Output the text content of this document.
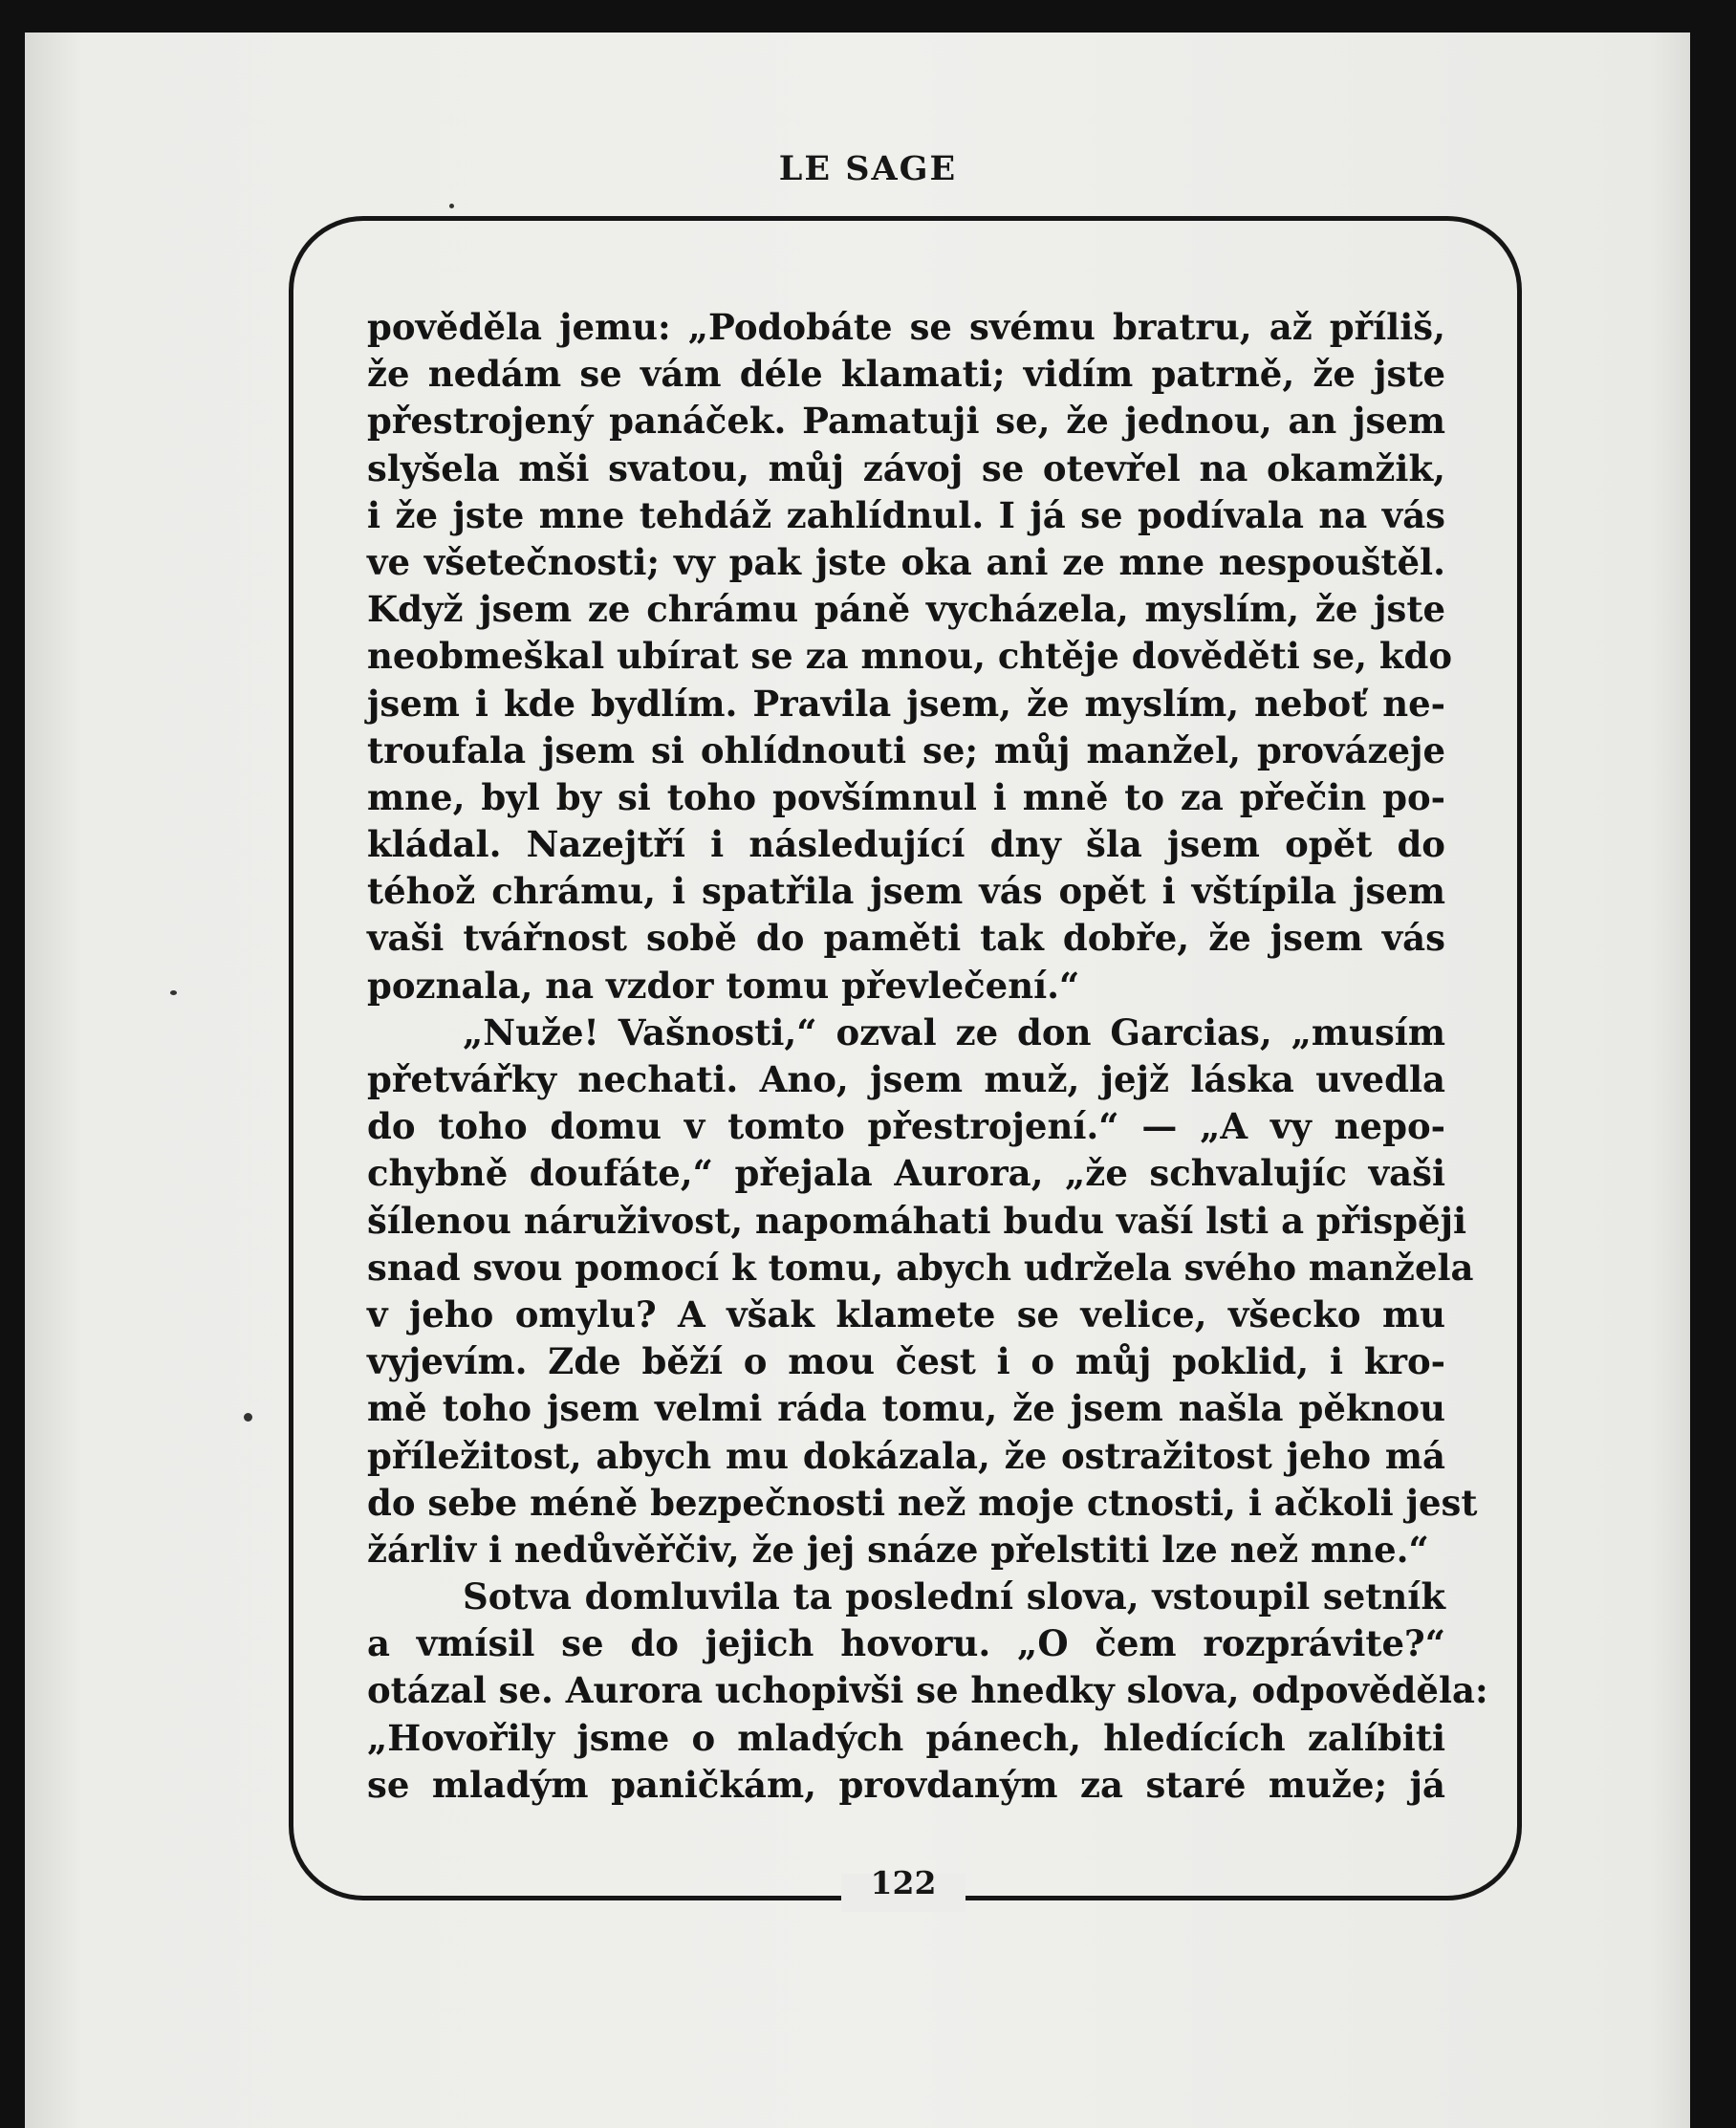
LE SAGE
122
pověděla jemu: „Podobáte se svému bratru, až příliš,
že nedám se vám déle klamati; vidím patrně, že jste
přestrojený panáček. Pamatuji se, že jednou, an jsem
slyšela mši svatou, můj závoj se otevřel na okamžik,
i že jste mne tehdáž zahlídnul. I já se podívala na vás
ve všetečnosti; vy pak jste oka ani ze mne nespouštěl.
Když jsem ze chrámu páně vycházela, myslím, že jste
neobmeškal ubírat se za mnou, chtěje dověděti se, kdo
jsem i kde bydlím. Pravila jsem, že myslím, neboť ne-
troufala jsem si ohlídnouti se; můj manžel, provázeje
mne, byl by si toho povšímnul i mně to za přečin po-
kládal. Nazejtří i následující dny šla jsem opět do
téhož chrámu, i spatřila jsem vás opět i vštípila jsem
vaši tvářnost sobě do paměti tak dobře, že jsem vás
poznala, na vzdor tomu převlečení.“
„Nuže! Vašnosti,“ ozval ze don Garcias, „musím
přetvářky nechati. Ano, jsem muž, jejž láska uvedla
do toho domu v tomto přestrojení.“ — „A vy nepo-
chybně doufáte,“ přejala Aurora, „že schvalujíc vaši
šílenou náruživost, napomáhati budu vaší lsti a přispěji
snad svou pomocí k tomu, abych udržela svého manžela
v jeho omylu? A však klamete se velice, všecko mu
vyjevím. Zde běží o mou čest i o můj poklid, i kro-
mě toho jsem velmi ráda tomu, že jsem našla pěknou
příležitost, abych mu dokázala, že ostražitost jeho má
do sebe méně bezpečnosti než moje ctnosti, i ačkoli jest
žárliv i nedůvěřčiv, že jej snáze přelstiti lze než mne.“
Sotva domluvila ta poslední slova, vstoupil setník
a vmísil se do jejich hovoru. „O čem rozprávite?“
otázal se. Aurora uchopivši se hnedky slova, odpověděla:
„Hovořily jsme o mladých pánech, hledících zalíbiti
se mladým paničkám, provdaným za staré muže; já
